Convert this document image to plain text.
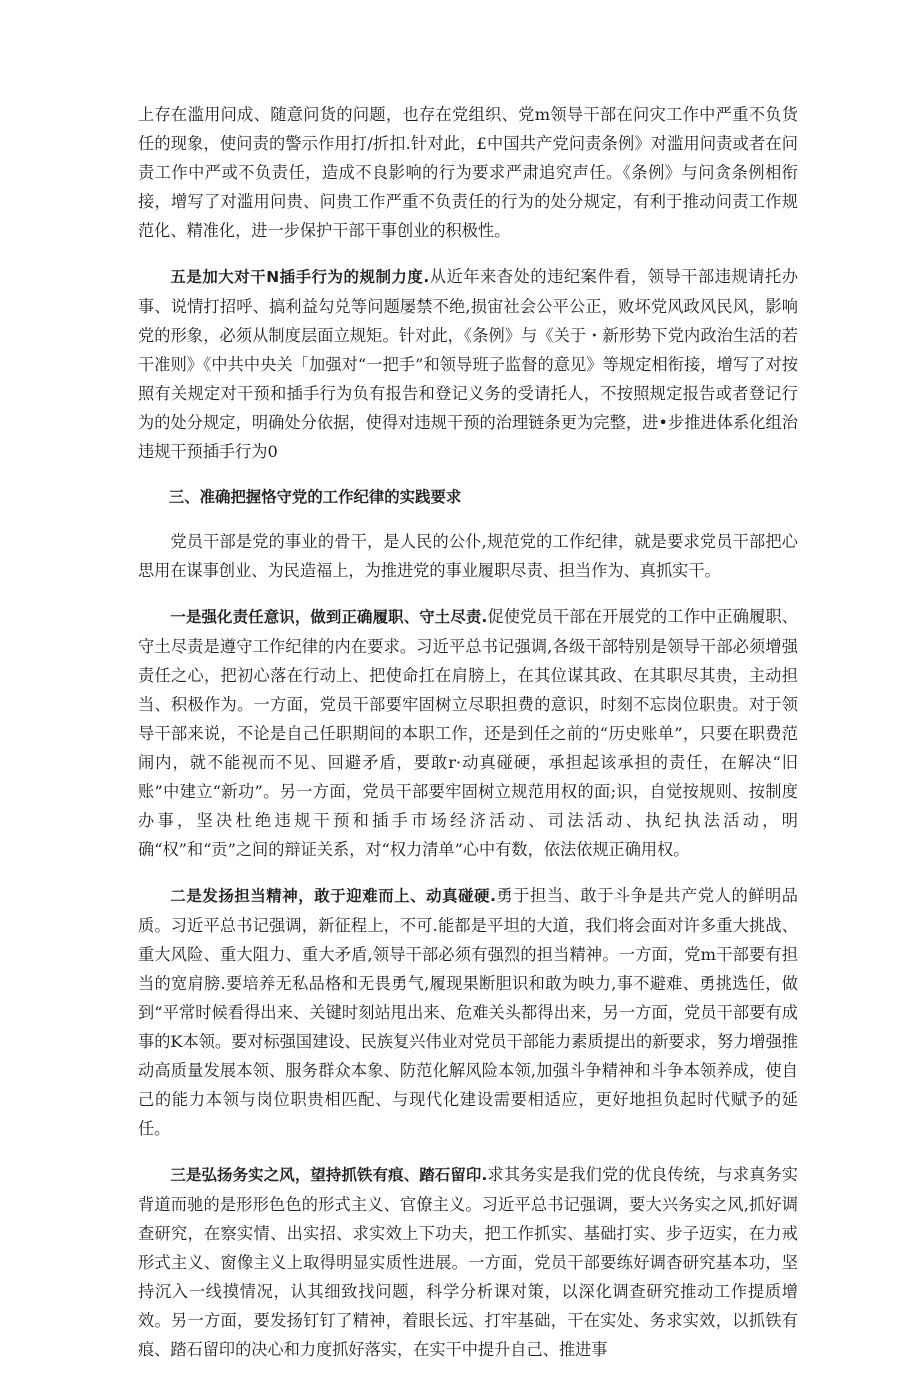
上存在滥用问成、随意问货的问题，也存在党组织、党m领导干部在问灾工作中严重不负货任的现象，使问责的警示作用打/折扣.针对此，£中国共产党问责条例》对滥用问责或者在问责工作中严或不负责任，造成不良影响的行为要求严肃追究声任。《条例》与问贪条例相衔接，增写了对滥用问贵、问贵工作严重不负责任的行为的处分规定，有利于推动问责工作规范化、精准化，进一步保护干部干事创业的积极性。

五是加大对干N插手行为的规制力度.从近年来杳处的违纪案件看，领导干部违规请托办事、说情打招呼、搞利益勾兑等问题屡禁不绝,损宙社会公平公正，败坏党风政风民风，影响党的形象，必须从制度层面立规矩。针对此，《条例》与《关于・新形势下党内政治生活的若干准则》《中共中央关「加强对“一把手”和领导班子监督的意见》等规定相衔接，增写了对按照有关规定对干预和插手行为负有报告和登记义务的受请托人，不按照规定报告或者登记行为的处分规定，明确处分依据，使得对违规干预的治理链条更为完整，进•步推进体系化组治违规干预插手行为0

三、准确把握恪守党的工作纪律的实践要求

党员干部是党的事业的骨干，是人民的公仆,规范党的工作纪律，就是要求党员干部把心思用在谋事创业、为民造福上，为推进党的事业履职尽责、担当作为、真抓实干。

一是强化责任意识，做到正确履职、守土尽责.促使党员干部在开展党的工作中正确履职、守土尽责是遵守工作纪律的内在要求。习近平总书记强调,各级干部特别是领导干部必须增强责任之心，把初心落在行动上、把使命扛在肩膀上，在其位谋其政、在其职尽其贵，主动担当、积极作为。一方面，党员干部要牢固树立尽职担费的意识，时刻不忘岗位职贵。对于领导干部来说，不论是自己任职期间的本职工作，还是到任之前的“历史账单”，只要在职费范闹内，就不能视而不见、回避矛盾，要敢r·动真碰硬，承担起该承担的责任，在解决“旧账”中建立“新功”。另一方面，党员干部要牢固树立规范用权的面;识，自觉按规则、按制度办事，坚决杜绝违规干预和插手市场经济活动、司法活动、执纪执法活动，明确“权”和“贡”之间的辩证关系，对“权力清单”心中有数，依法依规正确用权。

二是发扬担当精神，敢于迎难而上、动真碰硬.勇于担当、敢于斗争是共产党人的鲜明品质。习近平总书记强调，新征程上，不可.能都是平坦的大道，我们将会面对许多重大挑战、重大风险、重大阻力、重大矛盾,领导干部必须有强烈的担当精神。一方面，党m干部要有担当的宽肩膀.要培养无私品格和无畏勇气,履现果断胆识和敢为映力,事不避难、勇挑选任，做到“平常时候看得出来、关键时刻站甩出来、危难关头都得出来，另一方面，党员干部要有成事的K本领。要对标强国建设、民族复兴伟业对党员干部能力素质提出的新要求，努力增强推动高质量发展本领、服务群众本象、防范化解风险本领,加强斗争精神和斗争本领养成，使自己的能力本领与岗位职贵相匹配、与现代化建设需要相适应，更好地担负起时代赋予的延任。

三是弘扬务实之风，望持抓铁有痕、踏石留印.求其务实是我们党的优良传统，与求真务实背道而驰的是形形色色的形式主义、官僚主义。习近平总书记强调，要大兴务实之风,抓好调查研究，在察实情、出实招、求实效上下功夫，把工作抓实、基础打实、步子迈实，在力戒形式主义、窗像主义上取得明显实质性进展。一方面，党员干部要练好调杳研究基本功，坚持沉入一线摸情况，认其细致找问题，科学分析课对策，以深化调查研究推动工作提质增效。另一方面，要发扬钉钉了精神，着眼长远、打牢基础，干在实处、务求实效，以抓铁有痕、踏石留印的决心和力度抓好落实，在实干中提升自己、推进事
